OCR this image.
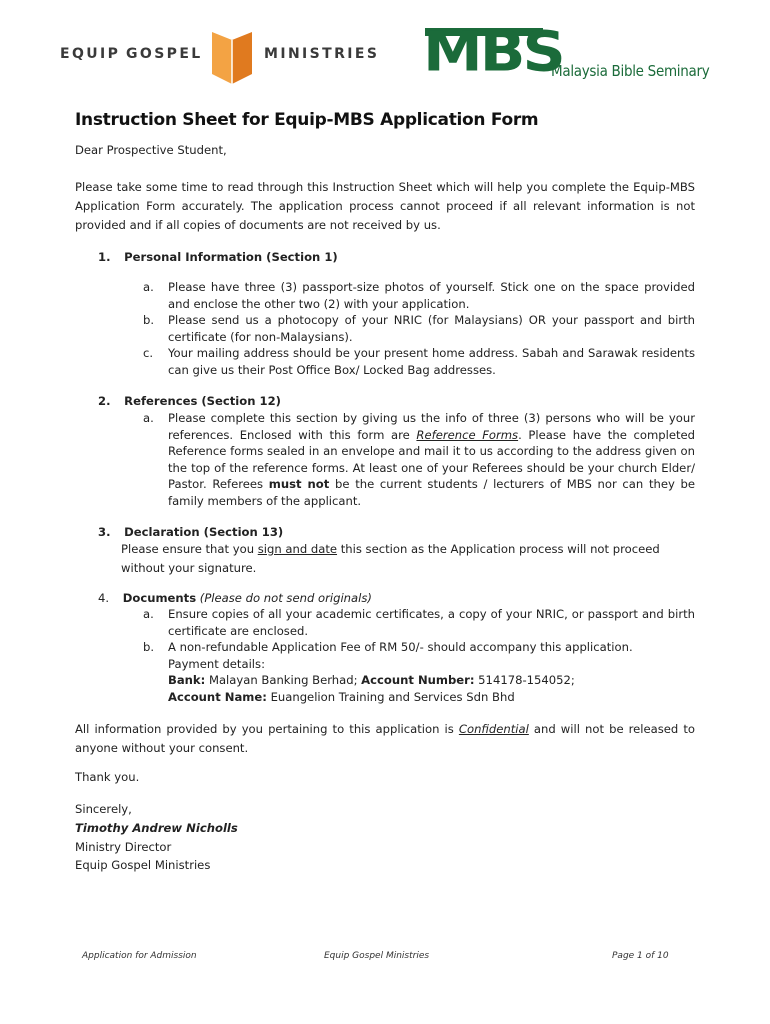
EQUIP GOSPEL	MINISTRIES MBS
Malaysia Bible Seminary
Instruction Sheet for Equip-MBS Application Form
Dear Prospective Student,
Please take some time to read through this Instruction Sheet which will help you complete the Equip-MBS Application Form accurately. The application process cannot proceed if all relevant information is not provided and if all copies of documents are not received by us.
1. Personal Information (Section 1)
a. Please have three (3) passport-size photos of yourself. Stick one on the space provided and enclose the other two (2) with your application.
b. Please send us a photocopy of your NRIC (for Malaysians) OR your passport and birth certificate (for non-Malaysians).
c. Your mailing address should be your present home address. Sabah and Sarawak residents can give us their Post Office Box/ Locked Bag addresses.
2. References (Section 12)
a. Please complete this section by giving us the info of three (3) persons who will be your references. Enclosed with this form are Reference Forms. Please have the completed Reference forms sealed in an envelope and mail it to us according to the address given on the top of the reference forms. At least one of your Referees should be your church Elder/ Pastor. Referees must not be the current students / lecturers of MBS nor can they be family members of the applicant.
3. Declaration (Section 13)
Please ensure that you sign and date this section as the Application process will not proceed without your signature.
4. Documents (Please do not send originals)
a. Ensure copies of all your academic certificates, a copy of your NRIC, or passport and birth certificate are enclosed.
b. A non-refundable Application Fee of RM 50/- should accompany this application.
Payment details:
Bank: Malayan Banking Berhad; Account Number: 514178-154052;
Account Name: Euangelion Training and Services Sdn Bhd
All information provided by you pertaining to this application is Confidential and will not be released to anyone without your consent.
Thank you.
Sincerely,
Timothy Andrew Nicholls
Ministry Director
Equip Gospel Ministries
Application for Admission	Equip Gospel Ministries	Page 1 of 10
